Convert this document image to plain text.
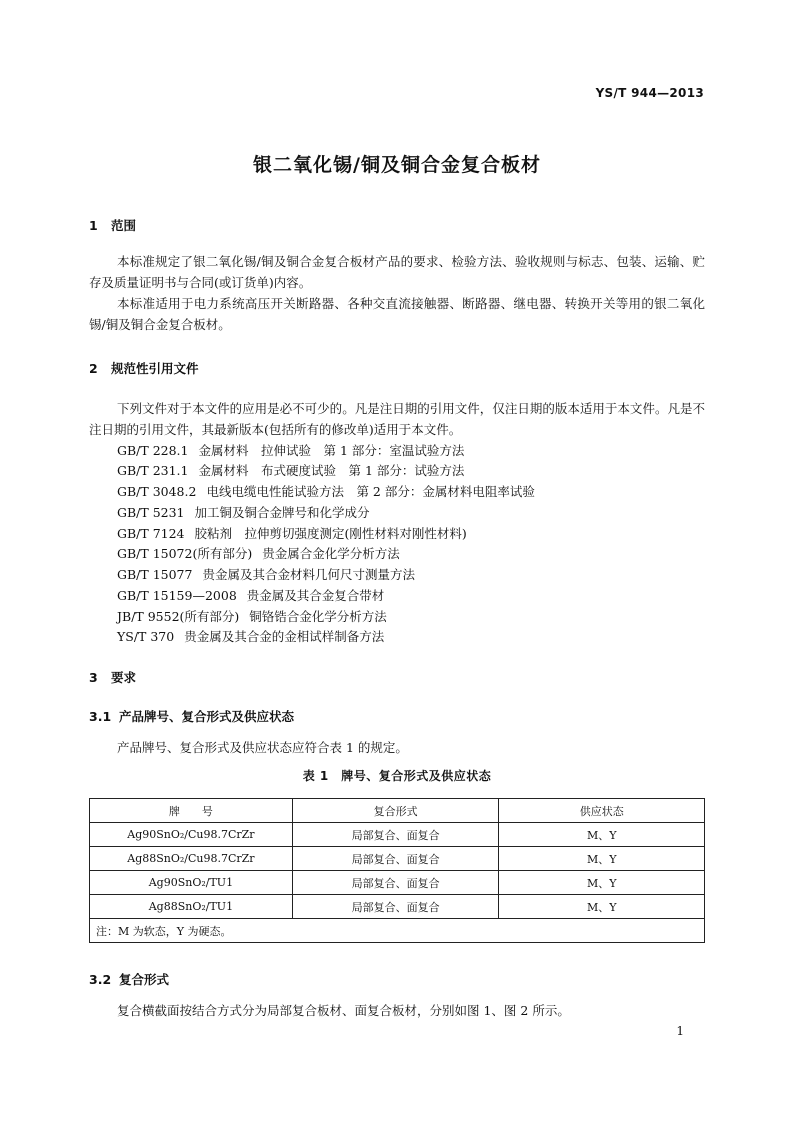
YS/T 944—2013
银二氧化锡/铜及铜合金复合板材
1 范围

本标准规定了银二氧化锡/铜及铜合金复合板材产品的要求、检验方法、验收规则与标志、包装、运输、贮存及质量证明书与合同(或订货单)内容。

本标准适用于电力系统高压开关断路器、各种交直流接触器、断路器、继电器、转换开关等用的银二氧化锡/铜及铜合金复合板材。

2 规范性引用文件

下列文件对于本文件的应用是必不可少的。凡是注日期的引用文件，仅注日期的版本适用于本文件。凡是不注日期的引用文件，其最新版本(包括所有的修改单)适用于本文件。

GB/T 228.1 金属材料　拉伸试验　第 1 部分：室温试验方法
GB/T 231.1 金属材料　布式硬度试验　第 1 部分：试验方法
GB/T 3048.2 电线电缆电性能试验方法　第 2 部分：金属材料电阻率试验
GB/T 5231 加工铜及铜合金牌号和化学成分
GB/T 7124 胶粘剂　拉伸剪切强度测定(刚性材料对刚性材料)
GB/T 15072(所有部分) 贵金属合金化学分析方法
GB/T 15077 贵金属及其合金材料几何尺寸测量方法
GB/T 15159—2008 贵金属及其合金复合带材
JB/T 9552(所有部分) 铜铬锆合金化学分析方法
YS/T 370 贵金属及其合金的金相试样制备方法
3 要求
3.1 产品牌号、复合形式及供应状态
产品牌号、复合形式及供应状态应符合表 1 的规定。
表 1　牌号、复合形式及供应状态
牌　　号	复合形式	供应状态
Ag90SnO₂/Cu98.7CrZr	局部复合、面复合	M、Y
Ag88SnO₂/Cu98.7CrZr	局部复合、面复合	M、Y
Ag90SnO₂/TU1	局部复合、面复合	M、Y
Ag88SnO₂/TU1	局部复合、面复合	M、Y
注：M 为软态，Y 为硬态。		
3.2 复合形式
复合横截面按结合方式分为局部复合板材、面复合板材，分别如图 1、图 2 所示。
1
